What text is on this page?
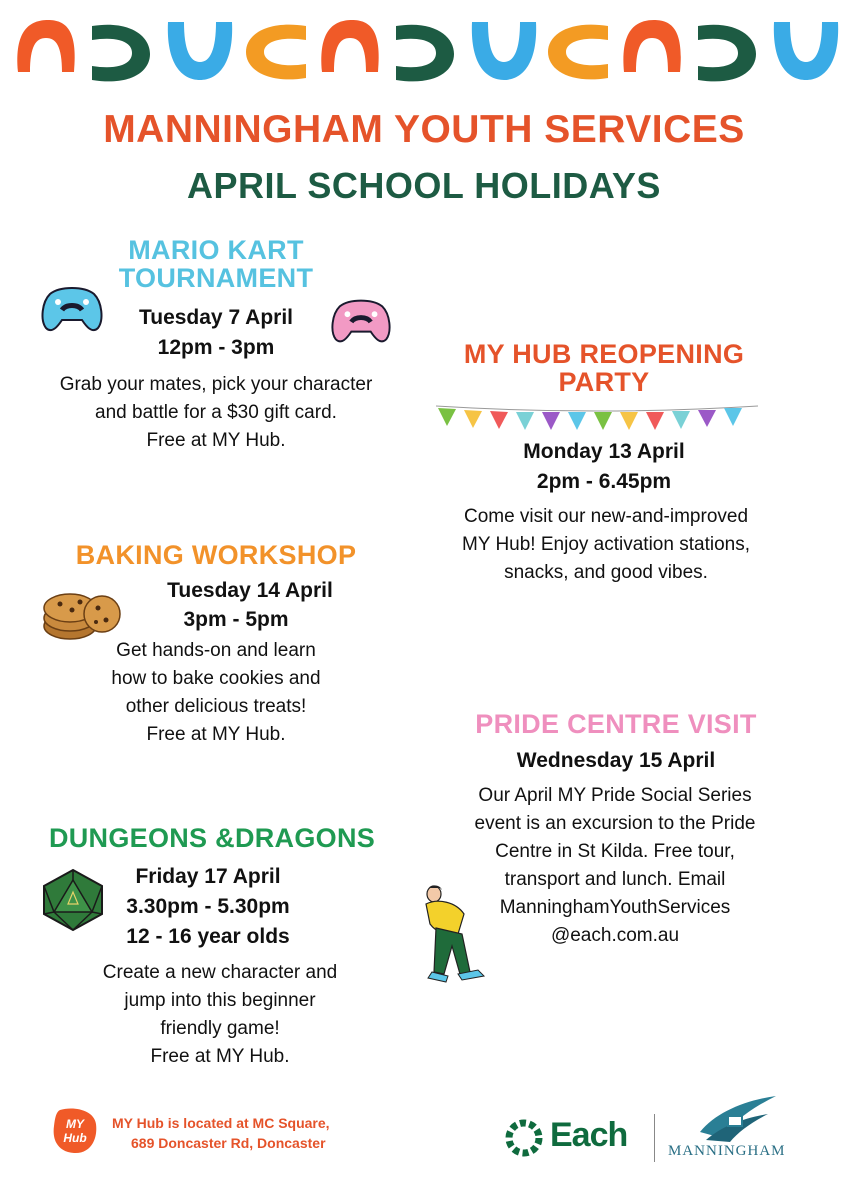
MANNINGHAM YOUTH SERVICES
APRIL SCHOOL HOLIDAYS
MARIO KART
TOURNAMENT
Tuesday 7 April
12pm - 3pm
Grab your mates, pick your character
and battle for a $30 gift card.
Free at MY Hub.
MY HUB REOPENING
PARTY
Monday 13 April
2pm - 6.45pm
Come visit our new-and-improved
MY Hub! Enjoy activation stations,
snacks, and good vibes.
BAKING WORKSHOP
Tuesday 14 April
3pm - 5pm
Get hands-on and learn
how to bake cookies and
other delicious treats!
Free at MY Hub.	PRIDE CENTRE VISIT
Wednesday 15 April
Our April MY Pride Social Series
event is an excursion to the Pride
Centre in St Kilda. Free tour,
transport and lunch. Email
ManninghamYouthServices
@each.com.au
DUNGEONS &DRAGONS
Friday 17 April
3.30pm - 5.30pm
12 - 16 year olds
Create a new character and
jump into this beginner
friendly game!
Free at MY Hub.
MY
Hub
MY Hub is located at MC Square,
689 Doncaster Rd, Doncaster	Each	MANNINGHAM
